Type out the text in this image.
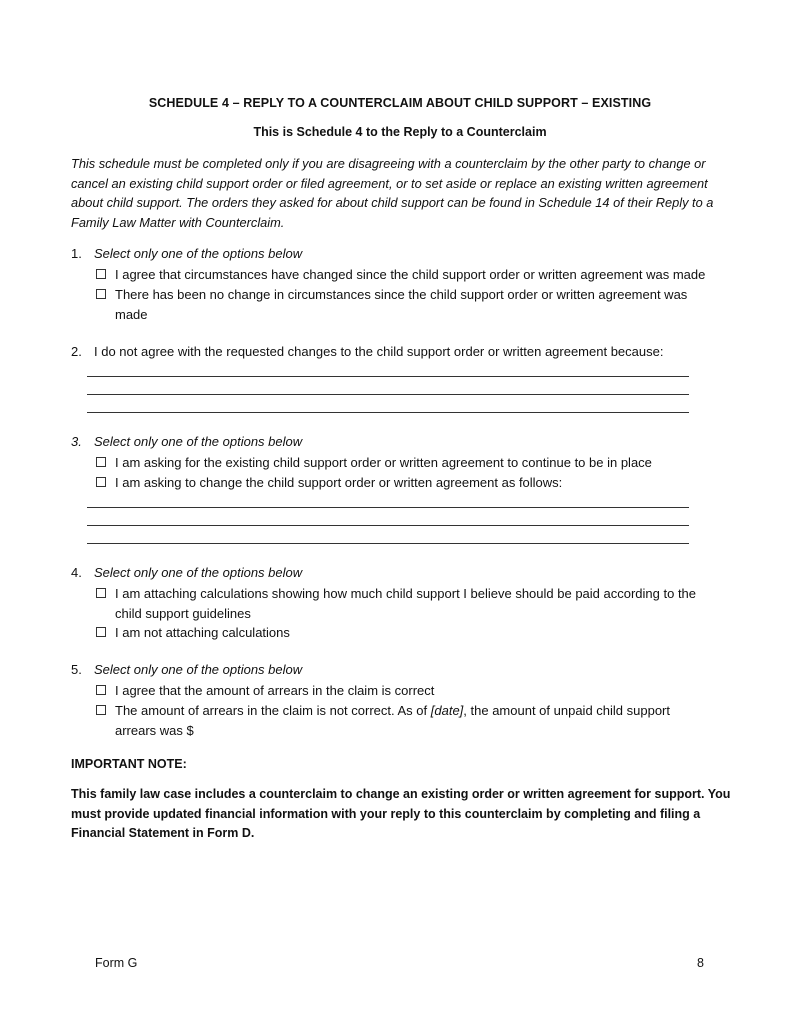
SCHEDULE 4 – REPLY TO A COUNTERCLAIM ABOUT CHILD SUPPORT – EXISTING
This is Schedule 4 to the Reply to a Counterclaim
This schedule must be completed only if you are disagreeing with a counterclaim by the other party to change or cancel an existing child support order or filed agreement, or to set aside or replace an existing written agreement about child support. The orders they asked for about child support can be found in Schedule 14 of their Reply to a Family Law Matter with Counterclaim.
1. Select only one of the options below
I agree that circumstances have changed since the child support order or written agreement was made
There has been no change in circumstances since the child support order or written agreement was made
2. I do not agree with the requested changes to the child support order or written agreement because:
3. Select only one of the options below
I am asking for the existing child support order or written agreement to continue to be in place
I am asking to change the child support order or written agreement as follows:
4. Select only one of the options below
I am attaching calculations showing how much child support I believe should be paid according to the child support guidelines
I am not attaching calculations
5. Select only one of the options below
I agree that the amount of arrears in the claim is correct
The amount of arrears in the claim is not correct. As of [date], the amount of unpaid child support arrears was $
IMPORTANT NOTE:
This family law case includes a counterclaim to change an existing order or written agreement for support. You must provide updated financial information with your reply to this counterclaim by completing and filing a Financial Statement in Form D.
Form G	8
